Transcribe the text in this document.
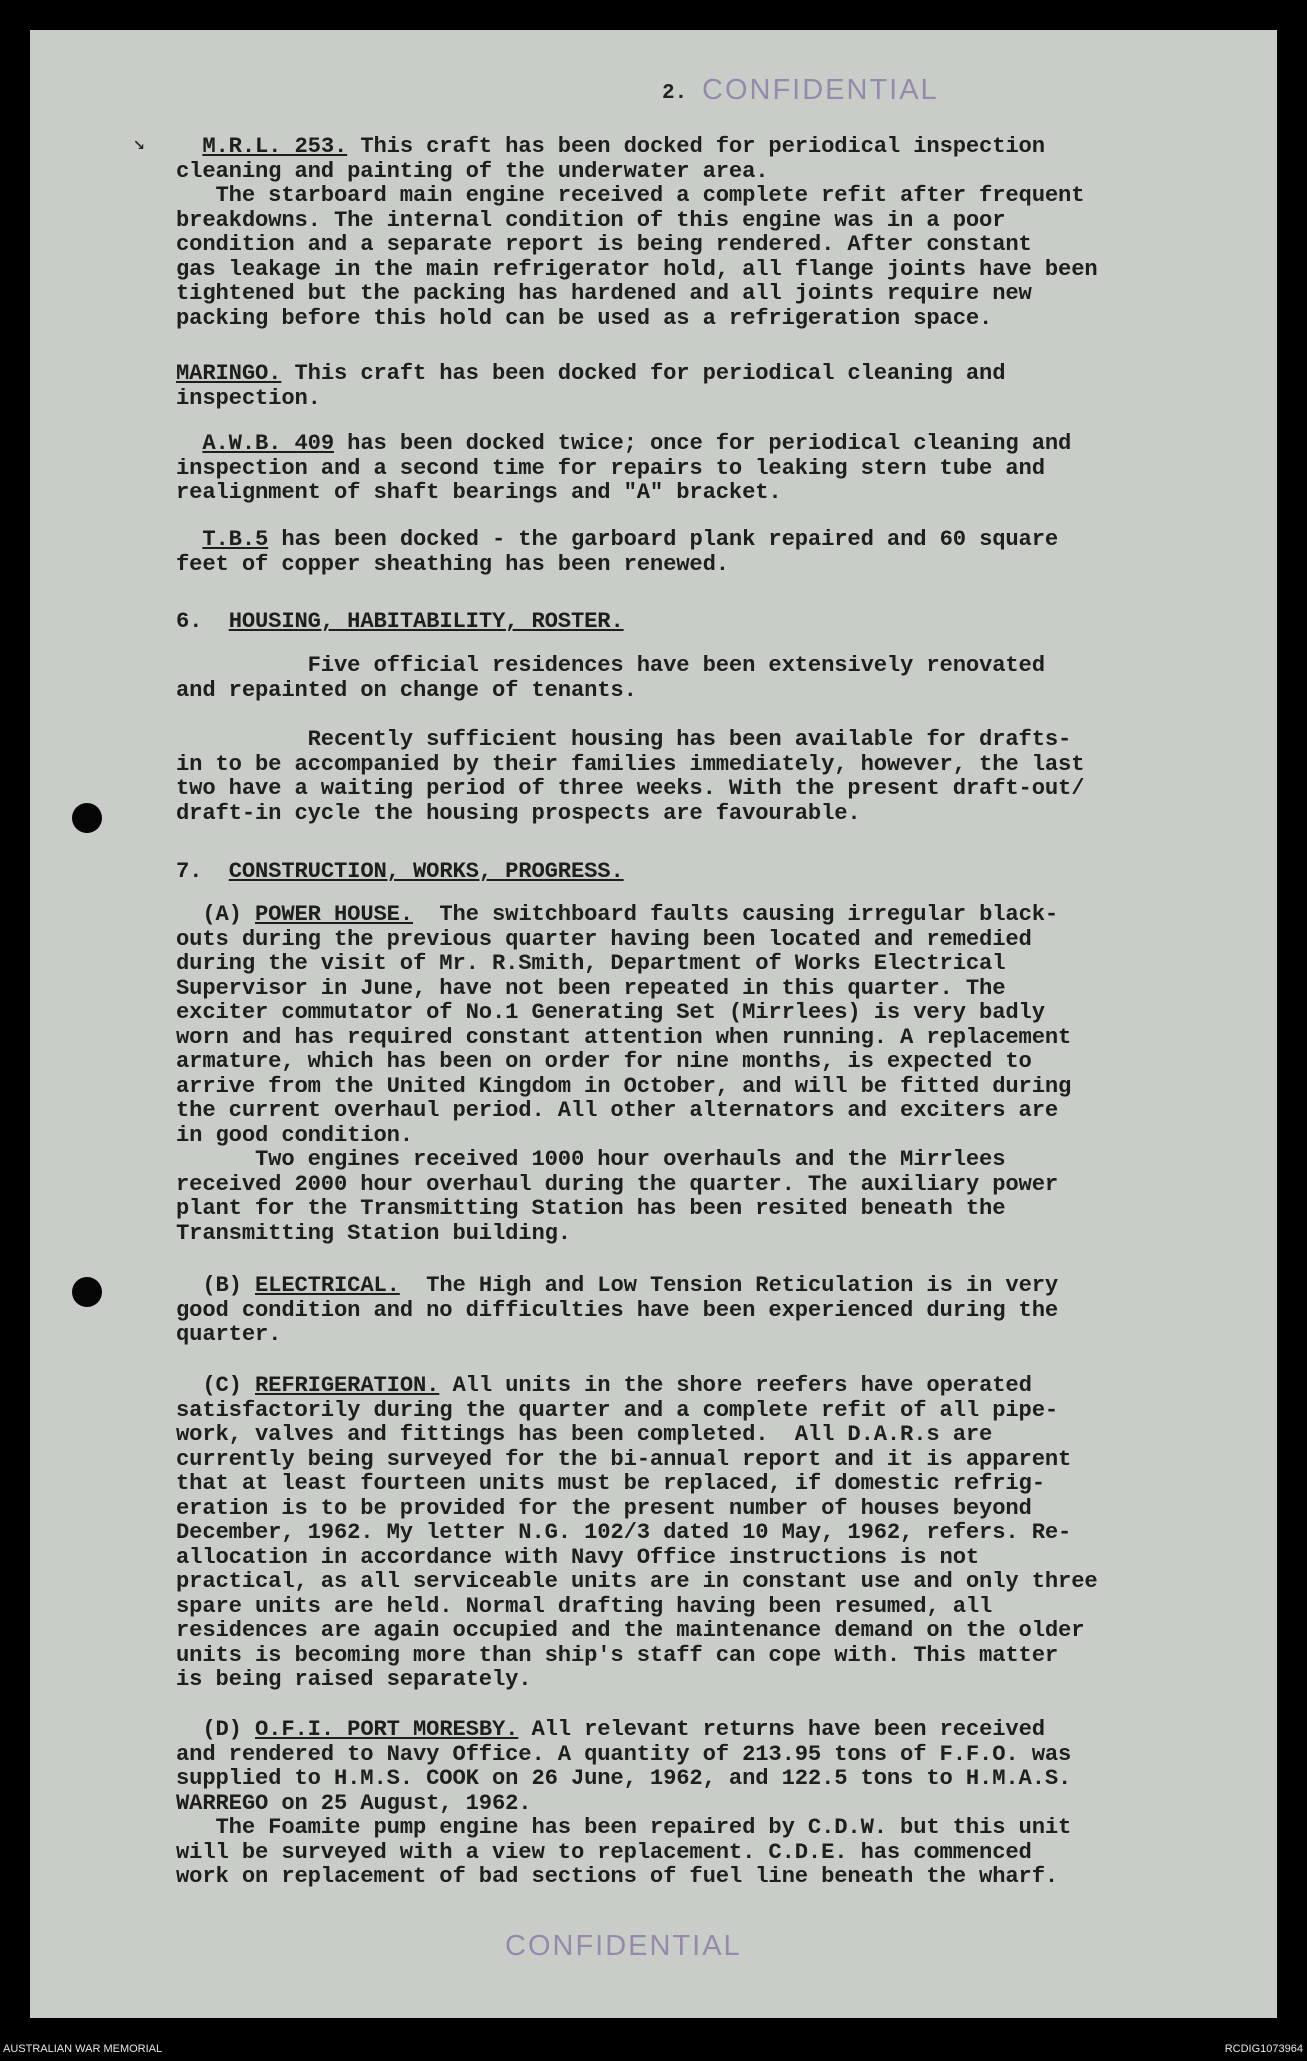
CONFIDENTIAL
2.
↘	M.R.L. 253. This craft has been docked for periodical inspection
cleaning and painting of the underwater area.
The starboard main engine received a complete refit after frequent
breakdowns. The internal condition of this engine was in a poor
condition and a separate report is being rendered. After constant
gas leakage in the main refrigerator hold, all flange joints have been
tightened but the packing has hardened and all joints require new
packing before this hold can be used as a refrigeration space.
MARINGO. This craft has been docked for periodical cleaning and
inspection.
A.W.B. 409 has been docked twice; once for periodical cleaning and
inspection and a second time for repairs to leaking stern tube and
realignment of shaft bearings and "A" bracket.
T.B.5 has been docked - the garboard plank repaired and 60 square
feet of copper sheathing has been renewed.
6. HOUSING, HABITABILITY, ROSTER.
Five official residences have been extensively renovated
and repainted on change of tenants.
Recently sufficient housing has been available for drafts-
in to be accompanied by their families immediately, however, the last
two have a waiting period of three weeks. With the present draft-out/
draft-in cycle the housing prospects are favourable.
7. CONSTRUCTION, WORKS, PROGRESS.
(A) POWER HOUSE.  The switchboard faults causing irregular black-
outs during the previous quarter having been located and remedied
during the visit of Mr. R.Smith, Department of Works Electrical
Supervisor in June, have not been repeated in this quarter. The
exciter commutator of No.1 Generating Set (Mirrlees) is very badly
worn and has required constant attention when running. A replacement
armature, which has been on order for nine months, is expected to
arrive from the United Kingdom in October, and will be fitted during
the current overhaul period. All other alternators and exciters are
in good condition.
Two engines received 1000 hour overhauls and the Mirrlees
received 2000 hour overhaul during the quarter. The auxiliary power
plant for the Transmitting Station has been resited beneath the
Transmitting Station building.
(B) ELECTRICAL.  The High and Low Tension Reticulation is in very
good condition and no difficulties have been experienced during the
quarter.
(C) REFRIGERATION. All units in the shore reefers have operated
satisfactorily during the quarter and a complete refit of all pipe-
work, valves and fittings has been completed.  All D.A.R.s are
currently being surveyed for the bi-annual report and it is apparent
that at least fourteen units must be replaced, if domestic refrig-
eration is to be provided for the present number of houses beyond
December, 1962. My letter N.G. 102/3 dated 10 May, 1962, refers. Re-
allocation in accordance with Navy Office instructions is not
practical, as all serviceable units are in constant use and only three
spare units are held. Normal drafting having been resumed, all
residences are again occupied and the maintenance demand on the older
units is becoming more than ship's staff can cope with. This matter
is being raised separately.
(D) O.F.I. PORT MORESBY. All relevant returns have been received
and rendered to Navy Office. A quantity of 213.95 tons of F.F.O. was
supplied to H.M.S. COOK on 26 June, 1962, and 122.5 tons to H.M.A.S.
WARREGO on 25 August, 1962.
The Foamite pump engine has been repaired by C.D.W. but this unit
will be surveyed with a view to replacement. C.D.E. has commenced
work on replacement of bad sections of fuel line beneath the wharf.
CONFIDENTIAL
AUSTRALIAN WAR MEMORIAL	RCDIG1073964
